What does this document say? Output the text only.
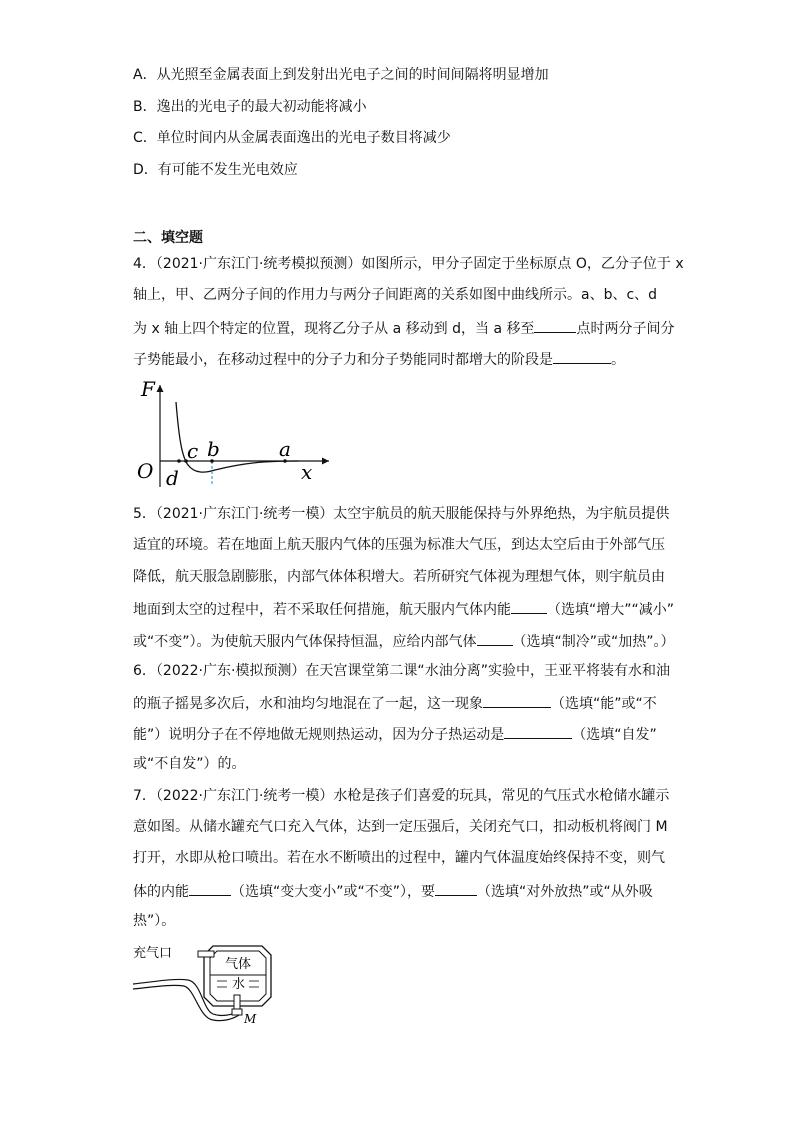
A．从光照至金属表面上到发射出光电子之间的时间间隔将明显增加
B．逸出的光电子的最大初动能将减小
C．单位时间内从金属表面逸出的光电子数目将减少
D．有可能不发生光电效应
二、填空题
4．（2021·广东江门·统考模拟预测）如图所示，甲分子固定于坐标原点 O，乙分子位于 x
轴上，甲、乙两分子间的作用力与两分子间距离的关系如图中曲线所示。a、b、c、d
为 x 轴上四个特定的位置，现将乙分子从 a 移动到 d，当 a 移至	点时两分子间分
子势能最小，在移动过程中的分子力和分子势能同时都增大的阶段是	。
F
O	x
a
b
c
d
5．（2021·广东江门·统考一模）太空宇航员的航天服能保持与外界绝热，为宇航员提供
适宜的环境。若在地面上航天服内气体的压强为标准大气压，到达太空后由于外部气压
降低，航天服急剧膨胀，内部气体体积增大。若所研究气体视为理想气体，则宇航员由
地面到太空的过程中，若不采取任何措施，航天服内气体内能	（选填“增大”“减小”
或“不变”）。为使航天服内气体保持恒温，应给内部气体	（选填“制冷”或“加热”。）
6．（2022·广东·模拟预测）在天宫课堂第二课“水油分离”实验中，王亚平将装有水和油
的瓶子摇晃多次后，水和油均匀地混在了一起，这一现象	（选填“能”或“不
能”）说明分子在不停地做无规则热运动，因为分子热运动是	（选填“自发”
或“不自发”）的。
7．（2022·广东江门·统考一模）水枪是孩子们喜爱的玩具，常见的气压式水枪储水罐示
意如图。从储水罐充气口充入气体，达到一定压强后，关闭充气口，扣动板机将阀门 M
打开，水即从枪口喷出。若在水不断喷出的过程中，罐内气体温度始终保持不变，则气
体的内能	（选填“变大变小”或“不变”），要	（选填“对外放热”或“从外吸
热”）。
充气口
气体
水
M
